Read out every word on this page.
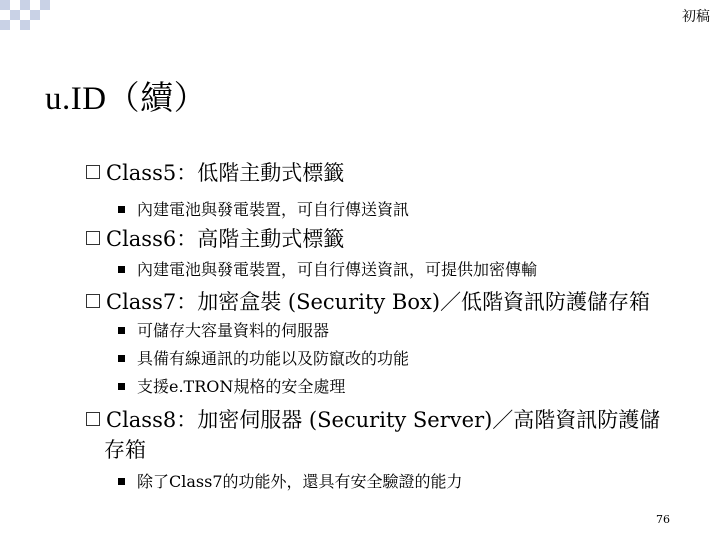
初稿
u.ID（續）
Class5：低階主動式標籤
內建電池與發電裝置，可自行傳送資訊
Class6：高階主動式標籤
內建電池與發電裝置，可自行傳送資訊，可提供加密傳輸
Class7：加密盒裝 (Security Box)／低階資訊防護儲存箱
可儲存大容量資料的伺服器
具備有線通訊的功能以及防竄改的功能
支援e.TRON規格的安全處理
Class8：加密伺服器 (Security Server)／高階資訊防護儲
存箱
除了Class7的功能外，還具有安全驗證的能力
76
